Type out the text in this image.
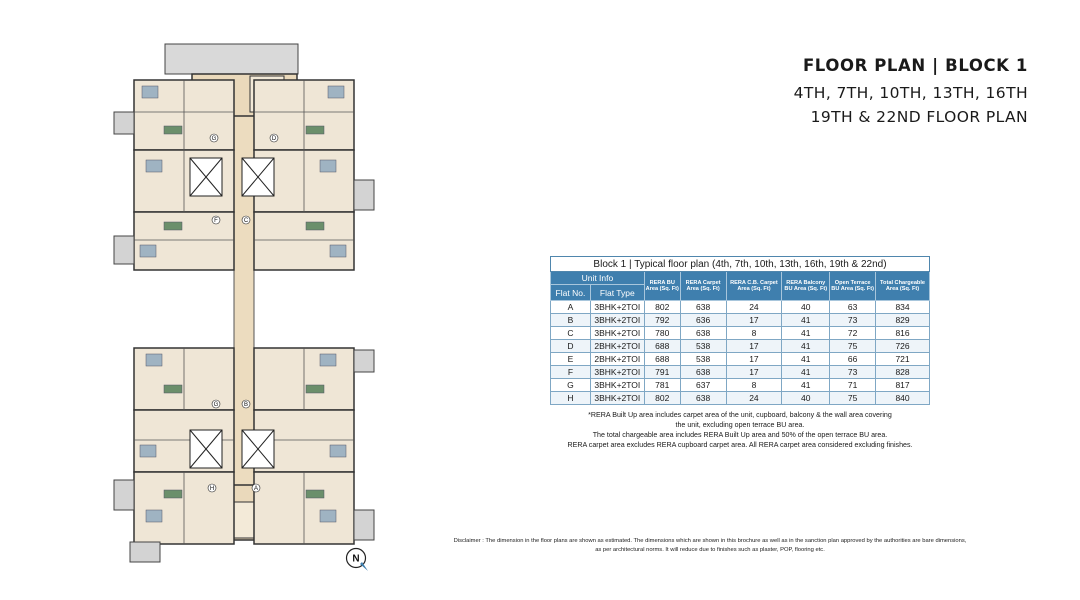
G	D
F	C
G	B
H	A
N
FLOOR PLAN | BLOCK 1
4TH, 7TH, 10TH, 13TH, 16TH
19TH & 22ND FLOOR PLAN
Block 1 | Typical floor plan (4th, 7th, 10th, 13th, 16th, 19th & 22nd)							
Unit Info		RERA BU Area (Sq. Ft)	RERA Carpet Area (Sq. Ft)	RERA C.B. Carpet Area (Sq. Ft)	RERA Balcony BU Area (Sq. Ft)	Open Terrace BU Area (Sq. Ft)	Total Chargeable Area (Sq. Ft)
Flat No.	Flat Type						
A	3BHK+2TOI	802	638	24	40	63	834
B	3BHK+2TOI	792	636	17	41	73	829
C	3BHK+2TOI	780	638	8	41	72	816
D	2BHK+2TOI	688	538	17	41	75	726
E	2BHK+2TOI	688	538	17	41	66	721
F	3BHK+2TOI	791	638	17	41	73	828
G	3BHK+2TOI	781	637	8	41	71	817
H	3BHK+2TOI	802	638	24	40	75	840
*RERA Built Up area includes carpet area of the unit, cupboard, balcony & the wall area covering
the unit, excluding open terrace BU area.
The total chargeable area includes RERA Built Up area and 50% of the open terrace BU area.
RERA carpet area excludes RERA cupboard carpet area. All RERA carpet area considered excluding finishes.
Disclaimer : The dimension in the floor plans are shown as estimated. The dimensions which are shown in this brochure as well as in the sanction plan approved by the authorities are bare dimensions,
as per architectural norms. It will reduce due to finishes such as plaster, POP, flooring etc.
